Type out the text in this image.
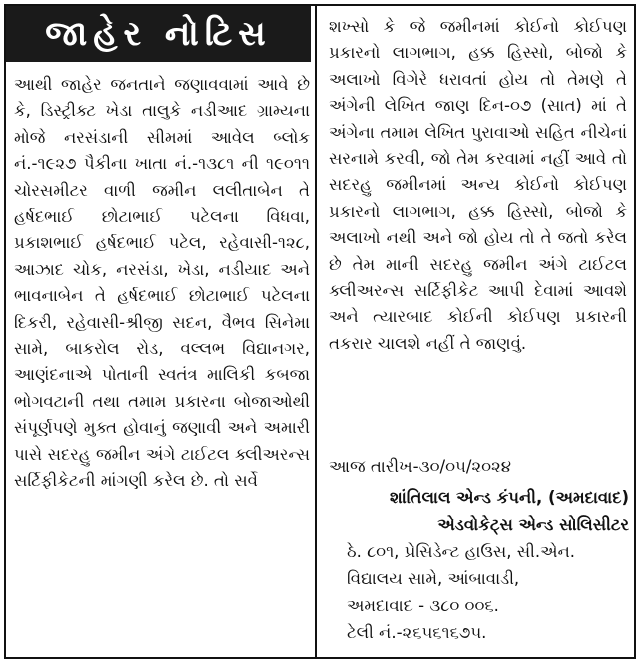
જાહેર નોટિસ

આથી જાહેર જનતાને જણાવવામાં આવે છે કે, ડિસ્ટ્રીક્ટ ખેડા તાલુકે નડીઆદ ગ્રામ્યના મોજે નરસંડાની સીમમાં આવેલ બ્લોક નં.-૧૯૨૭ પૈકીના ખાતા નં.-૧૩૮૧ ની ૧૯૦૧૧ ચોરસમીટર વાળી જમીન લલીતાબેન તે હર્ષદભાઈ છોટાભાઈ પટેલના વિધવા, પ્રકાશભાઈ હર્ષદભાઈ પટેલ, રહેવાસી-૧૨૮, આઝાદ ચોક, નરસંડા, ખેડા, નડીયાદ અને ભાવનાબેન તે હર્ષદભાઈ છોટાભાઈ પટેલના દિકરી, રહેવાસી-શ્રીજી સદન, વૈભવ સિનેમા સામે, બાકરોલ રોડ, વલ્લભ વિદ્યાનગર, આણંદનાએ પોતાની સ્વતંત્ર માલિકી કબજા ભોગવટાની તથા તમામ પ્રકારના બોજાઓથી સંપૂર્ણપણે મુક્ત હોવાનું જણાવી અને અમારી પાસે સદરહુ જમીન અંગે ટાઈટલ ક્લીઅરન્સ સર્ટિફીકેટની માંગણી કરેલ છે. તો સર્વે

શખ્સો કે જે જમીનમાં કોઈનો કોઈપણ પ્રકારનો લાગભાગ, હક્ક હિસ્સો, બોજો કે અલાખો વિગેરે ધરાવતાં હોય તો તેમણે તે અંગેની લેખિત જાણ દિન-૦૭ (સાત) માં તે અંગેના તમામ લેખિત પુરાવાઓ સહિત નીચેનાં સરનામે કરવી, જો તેમ કરવામાં નહીં આવે તો સદરહુ જમીનમાં અન્ય કોઈનો કોઈપણ પ્રકારનો લાગભાગ, હક્ક હિસ્સો, બોજો કે અલાખો નથી અને જો હોય તો તે જતો કરેલ છે તેમ માની સદરહુ જમીન અંગે ટાઈટલ ક્લીઅરન્સ સર્ટિફીકેટ આપી દેવામાં આવશે અને ત્યારબાદ કોઈની કોઈપણ પ્રકારની તકરાર ચાલશે નહીં તે જાણવું.

આજ તારીખ-૩૦/૦૫/૨૦૨૪
શાંતિલાલ એન્ડ કંપની, (અમદાવાદ)
એડવોકેટ્સ એન્ડ સોલિસીટર
ઠે. ૮૦૧, પ્રેસિડેન્ટ હાઉસ, સી.એન.
વિદ્યાલય સામે, આંબાવાડી,
અમદાવાદ - ૩૮૦ ૦૦૬.
ટેલી નં.-૨૬૫૬૧૬૭૫.
